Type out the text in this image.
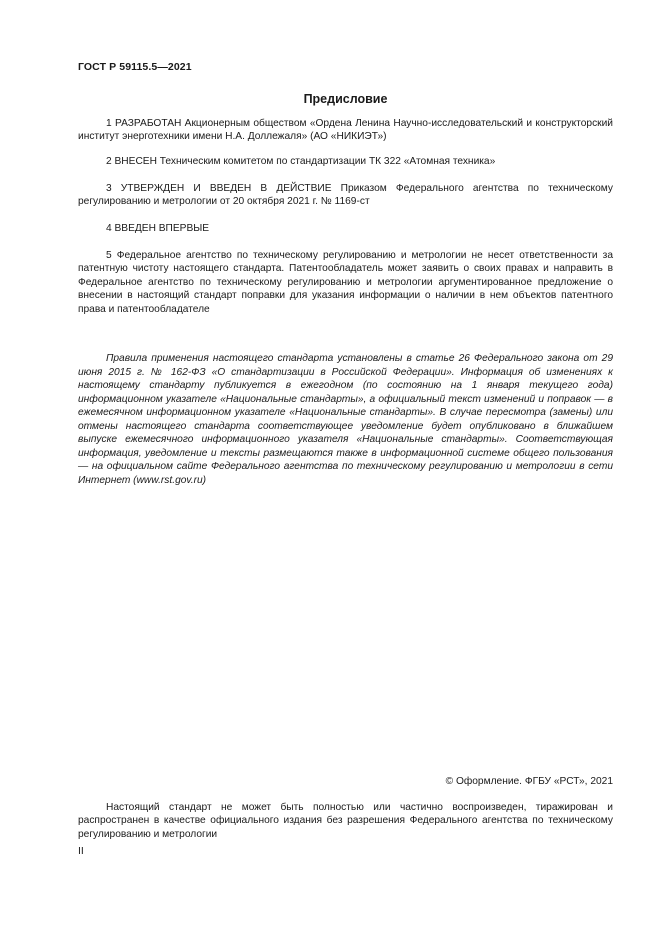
ГОСТ Р 59115.5—2021
Предисловие

1 РАЗРАБОТАН Акционерным обществом «Ордена Ленина Научно-исследовательский и конструкторский институт энерготехники имени Н.А. Доллежаля» (АО «НИКИЭТ»)

2 ВНЕСЕН Техническим комитетом по стандартизации ТК 322 «Атомная техника»

3 УТВЕРЖДЕН И ВВЕДЕН В ДЕЙСТВИЕ Приказом Федерального агентства по техническому регулированию и метрологии от 20 октября 2021 г. № 1169-ст

4 ВВЕДЕН ВПЕРВЫЕ

5 Федеральное агентство по техническому регулированию и метрологии не несет ответственности за патентную чистоту настоящего стандарта. Патентообладатель может заявить о своих правах и направить в Федеральное агентство по техническому регулированию и метрологии аргументированное предложение о внесении в настоящий стандарт поправки для указания информации о наличии в нем объектов патентного права и патентообладателе

Правила применения настоящего стандарта установлены в статье 26 Федерального закона от 29 июня 2015 г. № 162-ФЗ «О стандартизации в Российской Федерации». Информация об изменениях к настоящему стандарту публикуется в ежегодном (по состоянию на 1 января текущего года) информационном указателе «Национальные стандарты», а официальный текст изменений и поправок — в ежемесячном информационном указателе «Национальные стандарты». В случае пересмотра (замены) или отмены настоящего стандарта соответствующее уведомление будет опубликовано в ближайшем выпуске ежемесячного информационного указателя «Национальные стандарты». Соответствующая информация, уведомление и тексты размещаются также в информационной системе общего пользования — на официальном сайте Федерального агентства по техническому регулированию и метрологии в сети Интернет (www.rst.gov.ru)

© Оформление. ФГБУ «РСТ», 2021

Настоящий стандарт не может быть полностью или частично воспроизведен, тиражирован и распространен в качестве официального издания без разрешения Федерального агентства по техническому регулированию и метрологии

II
